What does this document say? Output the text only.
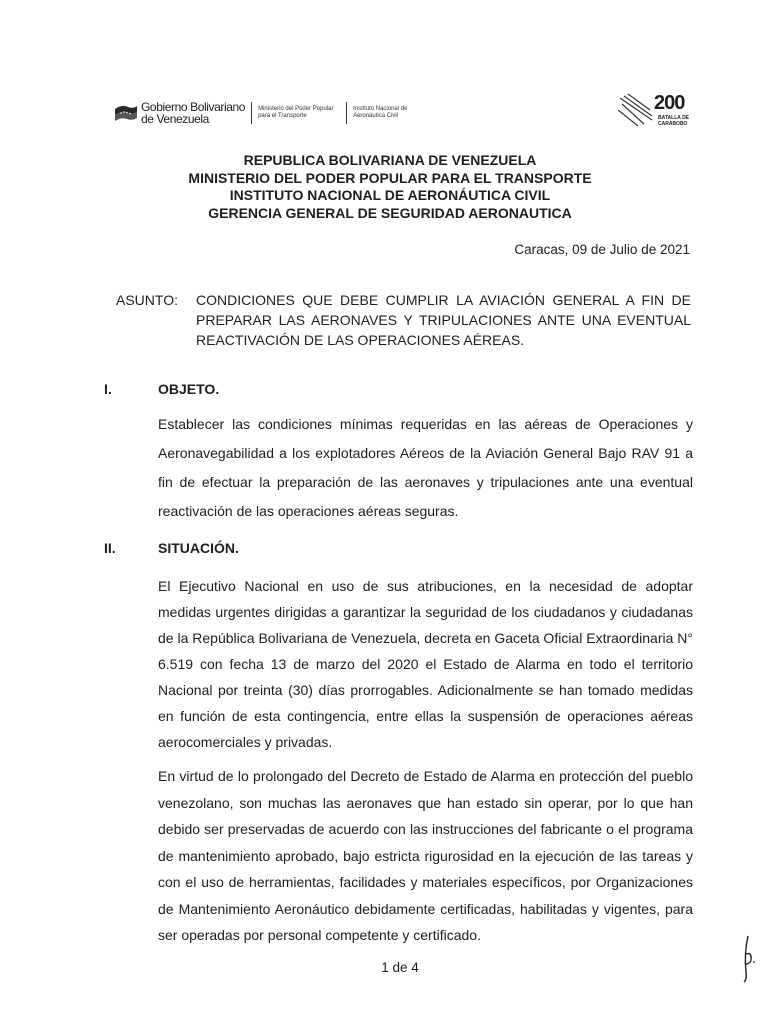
Gobierno Bolivariano
de Venezuela
Ministerio del Poder Popular
para el Transporte
Instituto Nacional de
Aeronáutica Civil
200
BATALLA DE
CARABOBO
REPUBLICA BOLIVARIANA DE VENEZUELA
MINISTERIO DEL PODER POPULAR PARA EL TRANSPORTE
INSTITUTO NACIONAL DE AERONÁUTICA CIVIL
GERENCIA GENERAL DE SEGURIDAD AERONAUTICA
Caracas, 09 de Julio de 2021
ASUNTO: CONDICIONES QUE DEBE CUMPLIR LA AVIACIÓN GENERAL A FIN DE PREPARAR LAS AERONAVES Y TRIPULACIONES ANTE UNA EVENTUAL REACTIVACIÓN DE LAS OPERACIONES AÉREAS.
I.	OBJETO.
Establecer las condiciones mínimas requeridas en las aéreas de Operaciones y Aeronavegabilidad a los explotadores Aéreos de la Aviación General Bajo RAV 91 a fin de efectuar la preparación de las aeronaves y tripulaciones ante una eventual reactivación de las operaciones aéreas seguras.
II.	SITUACIÓN.
El Ejecutivo Nacional en uso de sus atribuciones, en la necesidad de adoptar medidas urgentes dirigidas a garantizar la seguridad de los ciudadanos y ciudadanas de la República Bolivariana de Venezuela, decreta en Gaceta Oficial Extraordinaria N° 6.519 con fecha 13 de marzo del 2020 el Estado de Alarma en todo el territorio Nacional por treinta (30) días prorrogables. Adicionalmente se han tomado medidas en función de esta contingencia, entre ellas la suspensión de operaciones aéreas aerocomerciales y privadas.
En virtud de lo prolongado del Decreto de Estado de Alarma en protección del pueblo venezolano, son muchas las aeronaves que han estado sin operar, por lo que han debido ser preservadas de acuerdo con las instrucciones del fabricante o el programa de mantenimiento aprobado, bajo estricta rigurosidad en la ejecución de las tareas y con el uso de herramientas, facilidades y materiales específicos, por Organizaciones de Mantenimiento Aeronáutico debidamente certificadas, habilitadas y vigentes, para ser operadas por personal competente y certificado.
1 de 4
